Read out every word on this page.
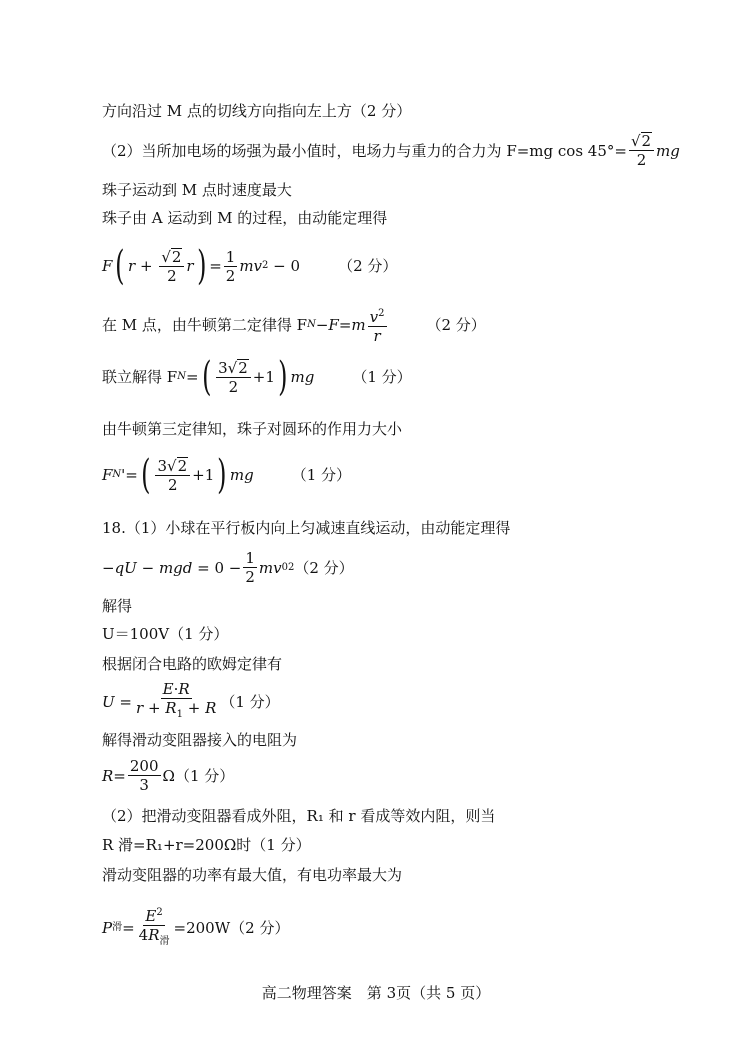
方向沿过 M 点的切线方向指向左上方（2 分）
（2）当所加电场的场强为最小值时，电场力与重力的合力为 F=mg $\cos 45^\circ= \frac{√ 2}{2}$ mg
珠子运动到 M 点时速度最大
珠子由 A 运动到 M 的过程，由动能定理得
F ( $r + \frac{√ 2}{2}$ r ) = $\frac{1}{2}$ mv 2 − 0	（2 分）
在 M 点，由牛顿第二定律得 F N − F = m $\frac{v^2}{r}$	（2 分）
联立解得 F N = ( $\frac{3 √ 2}{2} +1$ ) mg	（1 分）
由牛顿第三定律知，珠子对圆环的作用力大小
F N '= ( $\frac{3 √ 2}{2} +1$ ) mg	（1 分）
18.（1）小球在平行板内向上匀减速直线运动，由动能定理得
− qU − mgd = $0 - \frac{1}{2}$ mv 0 2 （2 分）
解得
U＝100V（1 分）
根据闭合电路的欧姆定律有
$U = \frac{E\cdot R}{r + R_1 + R} (1$ 分）
解得滑动变阻器接入的电阻为
$R = \frac{200}{3}$ Ω （1 分）
（2）把滑动变阻器看成外阻，R₁ 和 r 看成等效内阻，则当
R 滑=R₁+r=200Ω时（1 分）
滑动变阻器的功率有最大值，有电功率最大为
P 滑 = $\frac{E^2}{4R_滑} =200W(2$ 分）
高二物理答案　第 3页（共 5 页）
